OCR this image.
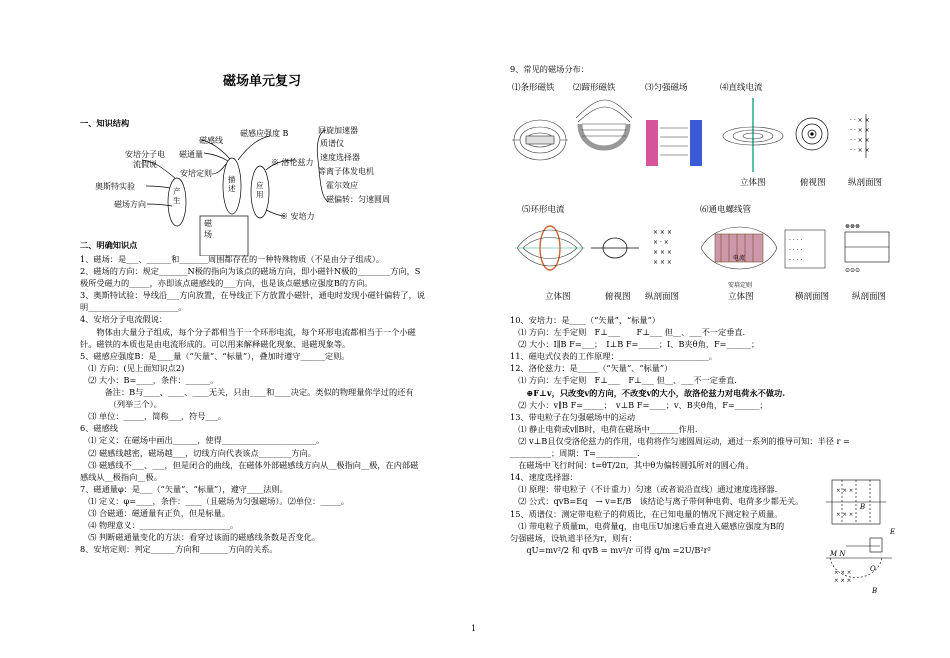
磁场单元复习
一、知识结构
安培分子电流假说
奥斯特实验
磁场方向
产生
描述	应用
磁场
磁感线
磁通量
安培定则
磁感应强度 B
※ 洛伦兹力
※ 安培力
回旋加速器
质谱仪
速度选择器
等离子体发电机
霍尔效应
磁偏转：匀速圆周
二、明确知识点

1、磁场：是___、______和_______周围都存在的一种特殊物质（不是由分子组成）。

2、磁场的方向：规定_______N极的指向为该点的磁场方向，即小磁针N极的________方向，S

极所受磁力的_____，亦即该点磁感线的___方向，也是该点磁感应强度B的方向。

3、奥斯特试验：导线沿___方向放置，在导线正下方放置小磁针，通电时发现小磁针偏转了，说

明______________________。

4、安培分子电流假说：

　　物体由大量分子组成，每个分子都相当于一个环形电流，每个环形电流都相当于一个小磁

针。磁铁的本质也是由电流形成的。可以用来解释磁化现象、退磁现象等。

5、磁感应强度B：是____量（“矢量”、“标量”），叠加时遵守______定则。

　⑴ 方向：(见上面知识点2)

　⑵ 大小：B=____，条件：______。

　　　备注：B与____、____、____无关，只由____和____决定。类似的物理量你学过的还有

　　　　（列举三个）。

　⑶ 单位：_____，简称___，符号___。

6、磁感线

　⑴ 定义：在磁场中画出______，使得_______________________。

　⑵ 磁感线越密，磁场越___，切线方向代表该点________方向。

　⑶ 磁感线不___、___，但是闭合的曲线，在磁体外部磁感线方向从__极指向__极，在内部磁

感线从__极指向__极。

7、磁通量φ：是___（“矢量”、“标量”），遵守____法则。

　⑴ 定义：φ=____，条件：____（且磁场为匀强磁场）。⑵单位：_____。

　⑶ 合磁通：磁通量有正负，但是标量。

　⑷ 物理意义：______________________。

　⑸ 判断磁通量变化的方法：看穿过该面的磁感线条数是否变化。

8、安培定则：判定______方向和_______方向的关系。

9、常见的磁场分布：
⑴条形磁铁 ⑵蹄形磁铁	⑶匀强磁场	⑷直线电流
· · × ×
· · × ×
· · × ×
· · × ×
立体图	俯视图	纵剖面图
⑸环形电流	⑹通电螺线管
× × ×
× · ×
× × ×
× × ×
· · · ·
· · · ·
· · · ·
⊗⊗⊗
⊙⊙⊙
电流
安培定则
立体图	俯视图 纵剖面图	立体图	横剖面图	纵剖面图

10、安培力：是____（“矢量”、“标量”）

　⑴ 方向：左手定则　F⊥___　　F⊥___ 但__、___不一定垂直.

　⑵ 大小：I∥B F=___；　I⊥B F=_____；I、B夹θ角，F=______；

11、磁电式仪表的工作原理：______________________。

12、洛伦兹力：是_____（“矢量”、“标量”）

　⑴ 方向：左手定则　F⊥___　F⊥___ 但__、___不一定垂直.

　　⊕F⊥v，只改变v的方向，不改变v的大小，故洛伦兹力对电荷永不做功.

　⑵ 大小：v∥B F=_____；　v⊥B F=____；v、B夹θ角，F=______；

13、带电粒子在匀强磁场中的运动

　⑴ 静止电荷或v∥B时，电荷在磁场中_______作用.

　⑵ v⊥B且仅受洛伦兹力的作用，电荷将作匀速圆周运动，通过一系列的推导可知：半径 r =

__________；周期：T=__________.

　在磁场中飞行时间：t=θT/2π，其中θ为偏转圆弧所对的圆心角。

14、速度选择器：

　⑴ 原理：带电粒子（不计重力）匀速（或者说沿直线）通过速度选择器.

　⑵ 公式：qvB=Eq　→ v=E/B　该结论与离子带何种电荷、电荷多少都无关。

15、质谱仪：测定带电粒子的荷质比，在已知电量的情况下测定粒子质量。

　⑴ 带电粒子质量m，电荷量q，由电压U加速后垂直进入磁感应强度为B的

匀强磁场，设轨道半径为r，则有：

　　qU=mv²/2 和 qvB = mv²/r 可得 q/m =2U/B²r²

× × ×
× × ×
× × ×
× × ×
B
E
M N
O
B
1
